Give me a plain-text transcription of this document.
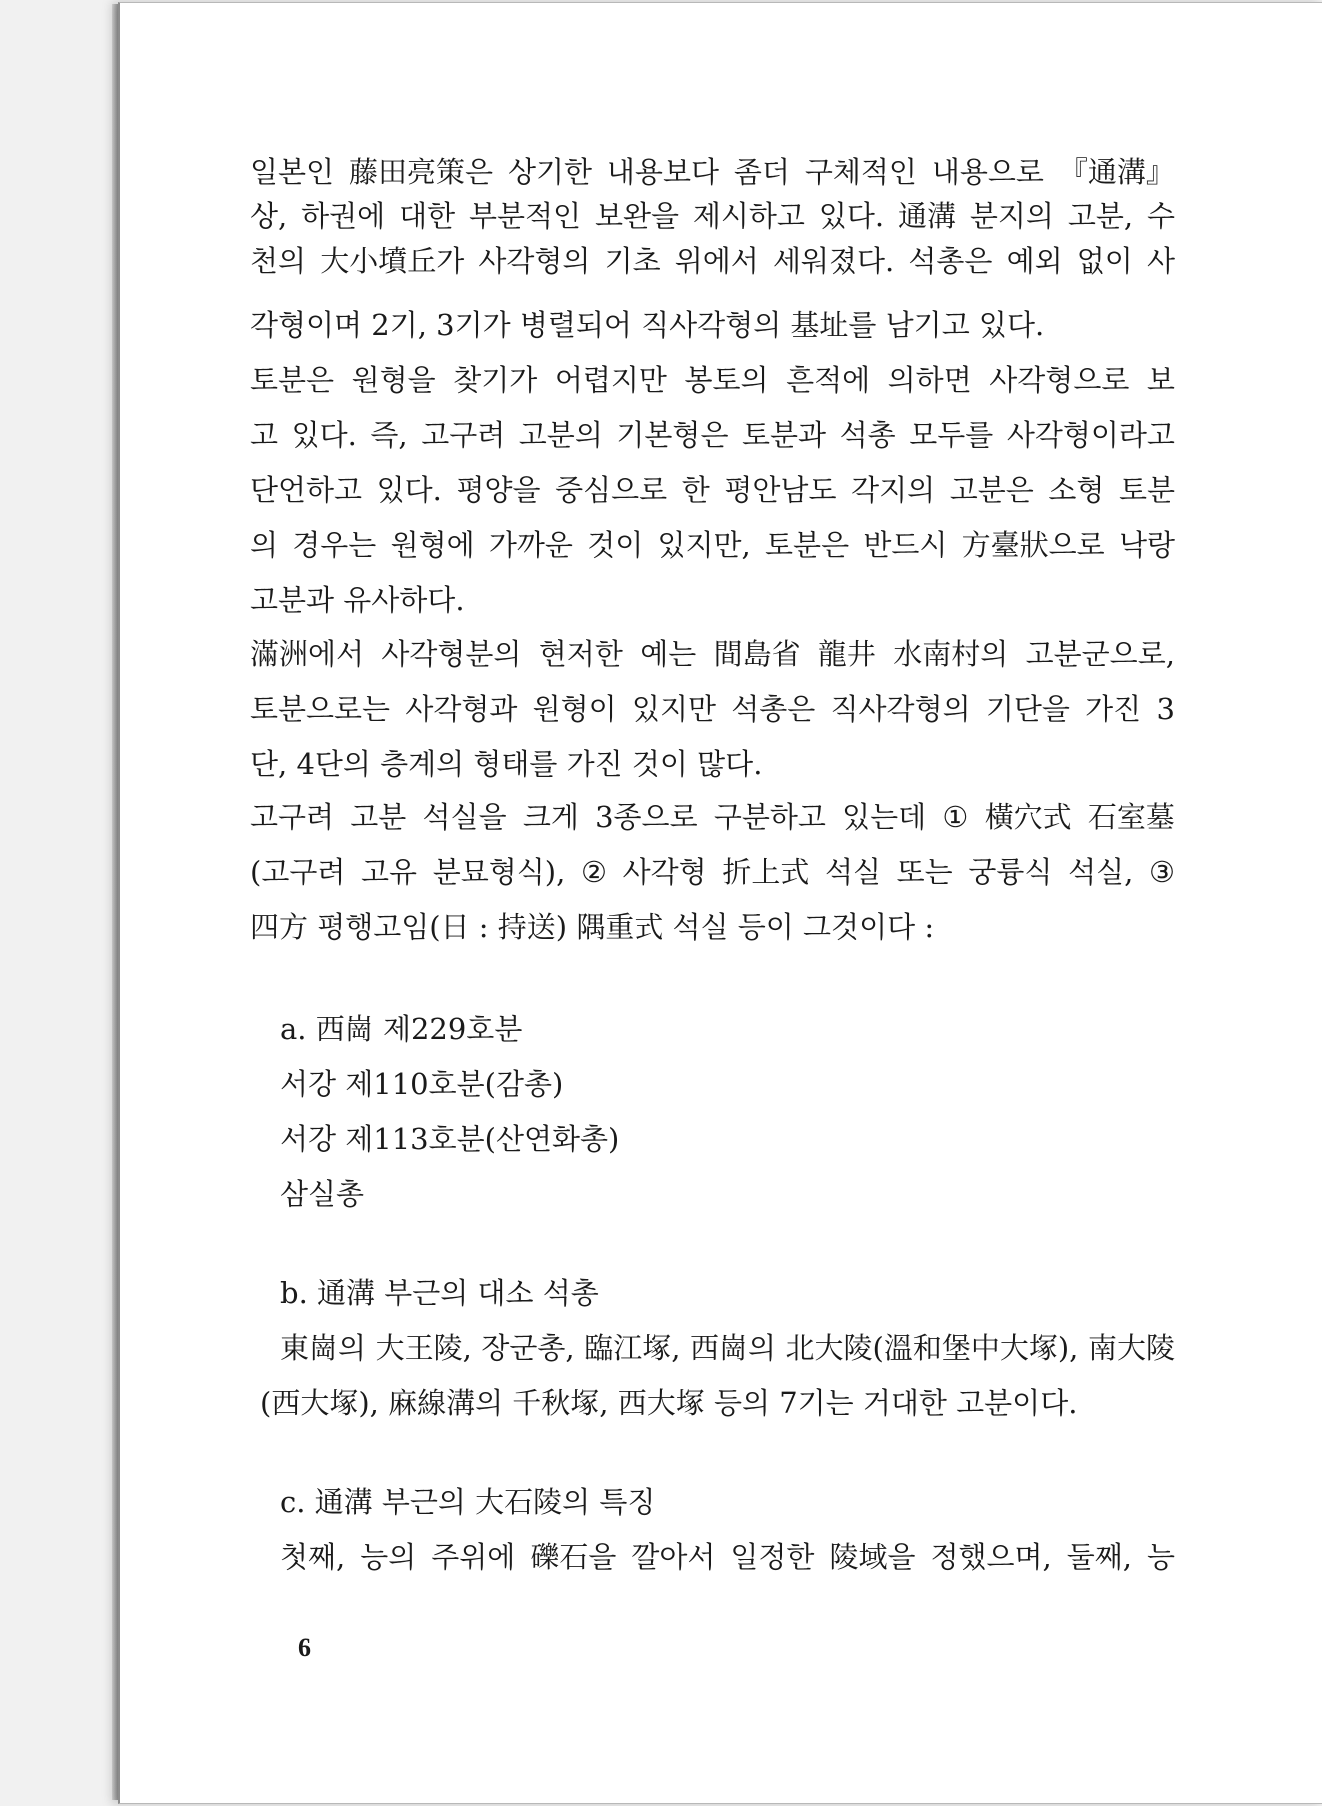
일본인 藤田亮策은 상기한 내용보다 좀더 구체적인 내용으로 『通溝』
상, 하권에 대한 부분적인 보완을 제시하고 있다. 通溝 분지의 고분, 수
천의 大小墳丘가 사각형의 기초 위에서 세워졌다. 석총은 예외 없이 사
각형이며 2기, 3기가 병렬되어 직사각형의 基址를 남기고 있다.
토분은 원형을 찾기가 어렵지만 봉토의 흔적에 의하면 사각형으로 보
고 있다. 즉, 고구려 고분의 기본형은 토분과 석총 모두를 사각형이라고
단언하고 있다. 평양을 중심으로 한 평안남도 각지의 고분은 소형 토분
의 경우는 원형에 가까운 것이 있지만, 토분은 반드시 方臺狀으로 낙랑
고분과 유사하다.
滿洲에서 사각형분의 현저한 예는 間島省 龍井 水南村의 고분군으로,
토분으로는 사각형과 원형이 있지만 석총은 직사각형의 기단을 가진 3
단, 4단의 층계의 형태를 가진 것이 많다.
고구려 고분 석실을 크게 3종으로 구분하고 있는데 ① 橫穴式 石室墓
(고구려 고유 분묘형식), ② 사각형 折上式 석실 또는 궁륭식 석실, ③
四方 평행고임(日 : 持送) 隅重式 석실 등이 그것이다 :
a. 西崗 제229호분
서강 제110호분(감총)
서강 제113호분(산연화총)
삼실총
b. 通溝 부근의 대소 석총
東崗의 大王陵, 장군총, 臨江塚, 西崗의 北大陵(溫和堡中大塚), 南大陵
(西大塚), 麻線溝의 千秋塚, 西大塚 등의 7기는 거대한 고분이다.
c. 通溝 부근의 大石陵의 특징
첫째, 능의 주위에 礫石을 깔아서 일정한 陵域을 정했으며, 둘째, 능
6
